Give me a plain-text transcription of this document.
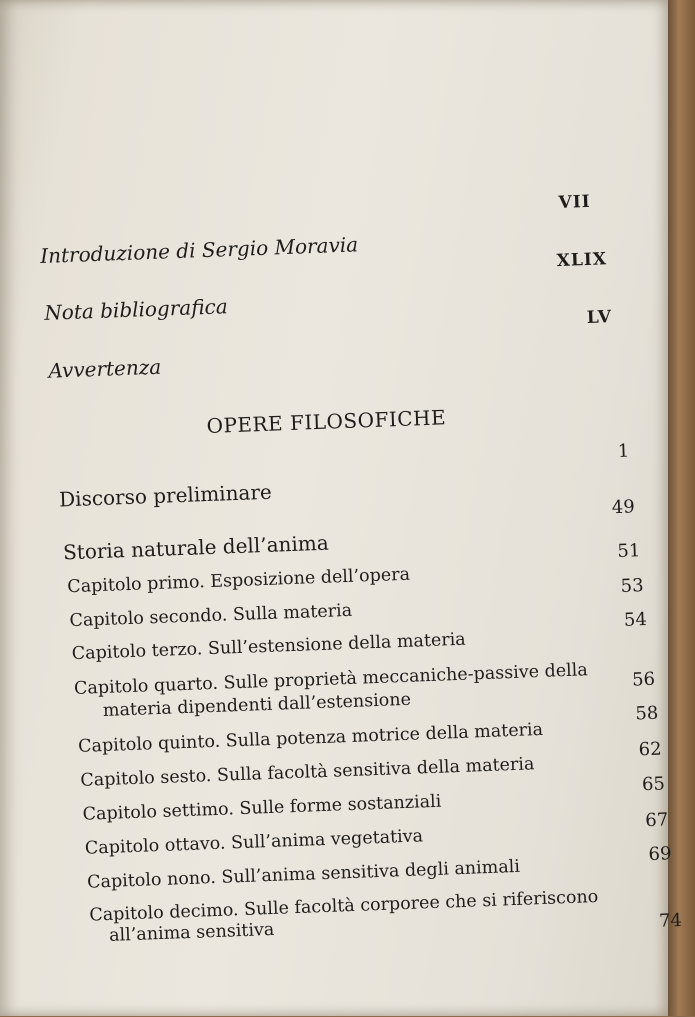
Introduzione di Sergio Moravia
VII
Nota bibliografica
XLIX
Avvertenza
LV
OPERE FILOSOFICHE
Discorso preliminare
1
Storia naturale dell’anima
49
Capitolo primo. Esposizione dell’opera
51
Capitolo secondo. Sulla materia
53
Capitolo terzo. Sull’estensione della materia
54
Capitolo quarto. Sulle proprietà meccaniche-passive della
materia dipendenti dall’estensione
56
Capitolo quinto. Sulla potenza motrice della materia
58
Capitolo sesto. Sulla facoltà sensitiva della materia
62
Capitolo settimo. Sulle forme sostanziali
65
Capitolo ottavo. Sull’anima vegetativa
67
Capitolo nono. Sull’anima sensitiva degli animali
69
Capitolo decimo. Sulle facoltà corporee che si riferiscono
all’anima sensitiva	74
